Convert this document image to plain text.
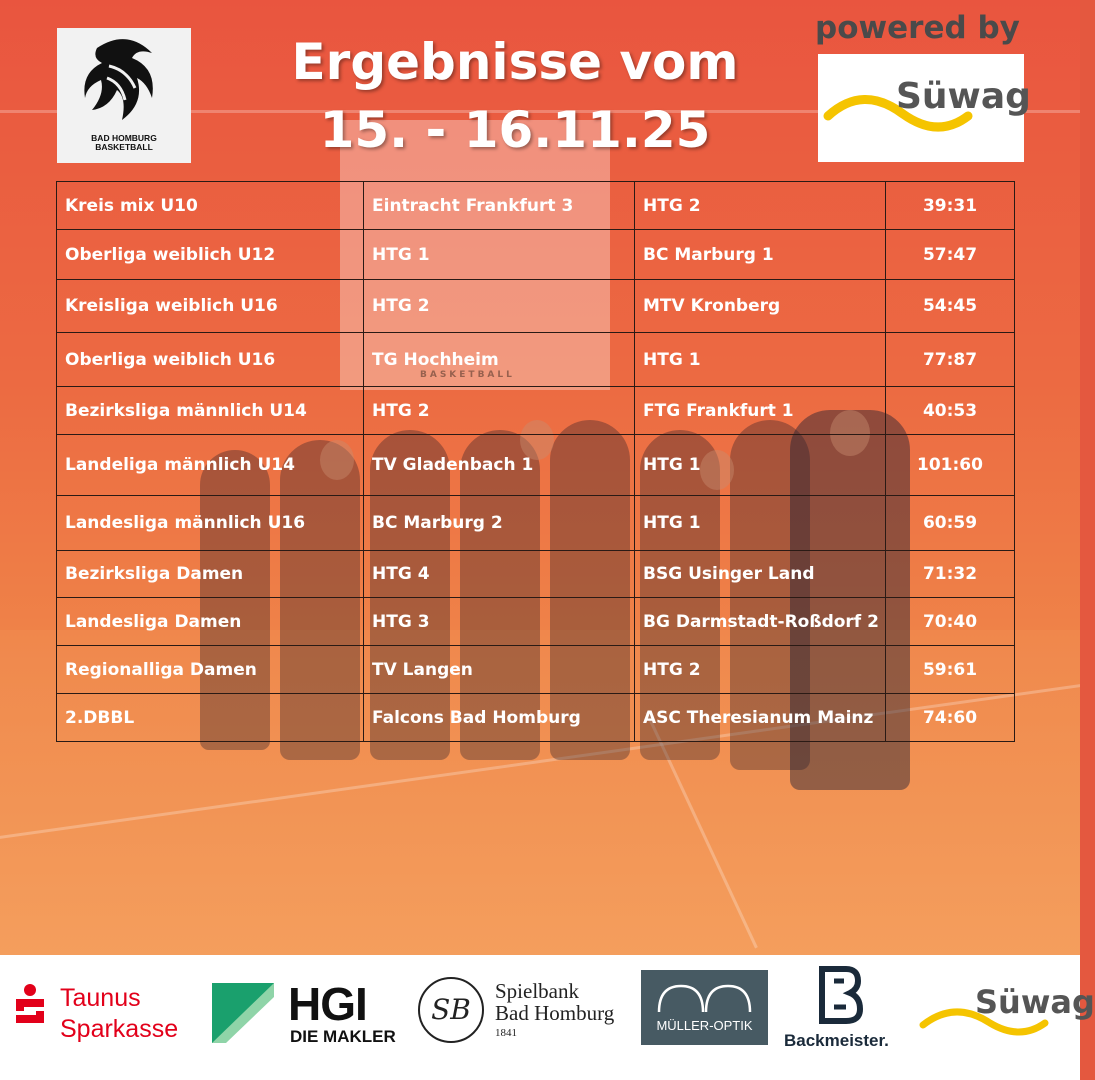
BASKETBALL
BAD HOMBURG
BASKETBALL
Ergebnisse vom
15. - 16.11.25
powered by
Süwag
Kreis mix U10	Eintracht Frankfurt 3	HTG 2	39:31
Oberliga weiblich U12	HTG 1	BC Marburg 1	57:47
Kreisliga weiblich U16	HTG 2	MTV Kronberg	54:45
Oberliga weiblich U16	TG Hochheim	HTG 1	77:87
Bezirksliga männlich U14	HTG 2	FTG Frankfurt 1	40:53
Landeliga männlich U14	TV Gladenbach 1	HTG 1	101:60
Landesliga männlich U16	BC Marburg 2	HTG 1	60:59
Bezirksliga Damen	HTG 4	BSG Usinger Land	71:32
Landesliga Damen	HTG 3	BG Darmstadt-Roßdorf 2	70:40
Regionalliga Damen	TV Langen	HTG 2	59:61
2.DBBL	Falcons Bad Homburg	ASC Theresianum Mainz	74:60
Taunus
Sparkasse HGI
DIE MAKLER
SB
Spielbank
Bad Homburg
1841	MÜLLER-OPTIK
Backmeister.
Süwag
